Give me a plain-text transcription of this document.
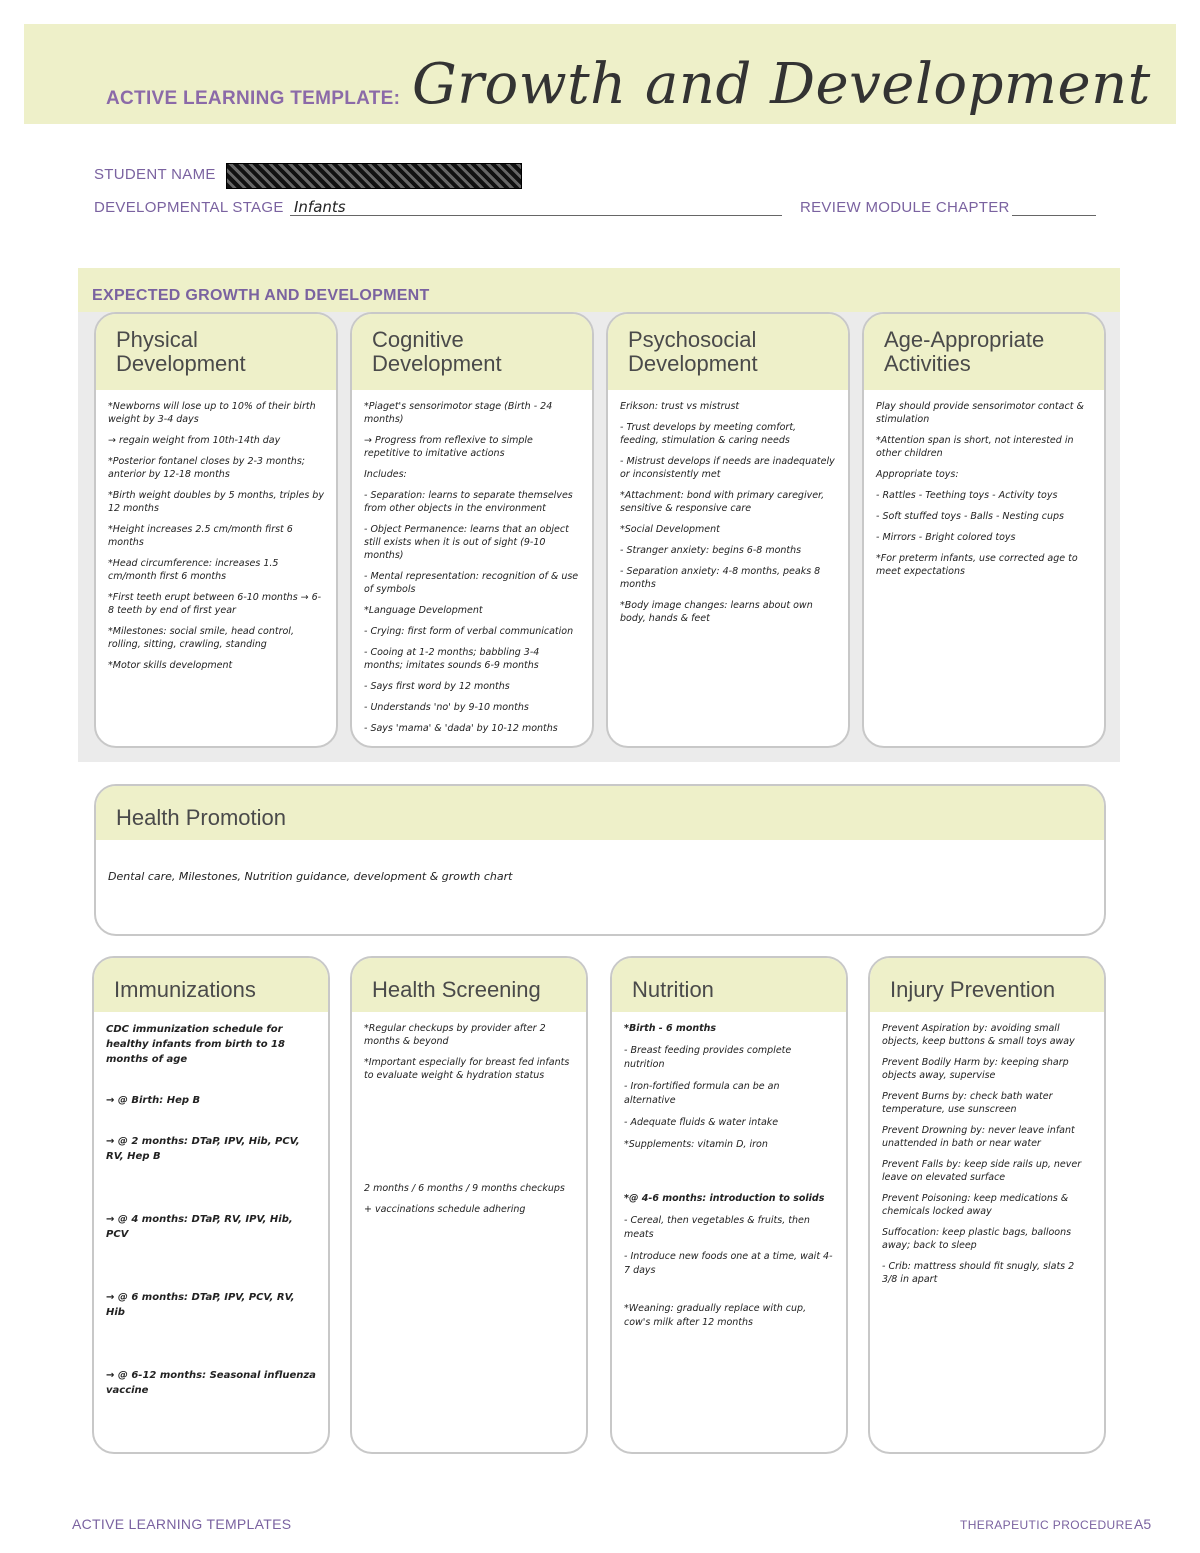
ACTIVE LEARNING TEMPLATE: Growth and Development
STUDENT NAME
DEVELOPMENTAL STAGE Infants	REVIEW MODULE CHAPTER
EXPECTED GROWTH AND DEVELOPMENT
Physical Development

*Newborns will lose up to 10% of their birth weight by 3-4 days

→ regain weight from 10th-14th day

*Posterior fontanel closes by 2-3 months; anterior by 12-18 months

*Birth weight doubles by 5 months, triples by 12 months

*Height increases 2.5 cm/month first 6 months

*Head circumference: increases 1.5 cm/month first 6 months

*First teeth erupt between 6-10 months → 6-8 teeth by end of first year

*Milestones: social smile, head control, rolling, sitting, crawling, standing

*Motor skills development

Cognitive Development

*Piaget's sensorimotor stage (Birth - 24 months)

→ Progress from reflexive to simple repetitive to imitative actions

Includes:

- Separation: learns to separate themselves from other objects in the environment

- Object Permanence: learns that an object still exists when it is out of sight (9-10 months)

- Mental representation: recognition of & use of symbols

*Language Development

- Crying: first form of verbal communication

- Cooing at 1-2 months; babbling 3-4 months; imitates sounds 6-9 months

- Says first word by 12 months

- Understands 'no' by 9-10 months

- Says 'mama' & 'dada' by 10-12 months

Psychosocial Development

Erikson: trust vs mistrust

- Trust develops by meeting comfort, feeding, stimulation & caring needs

- Mistrust develops if needs are inadequately or inconsistently met

*Attachment: bond with primary caregiver, sensitive & responsive care

*Social Development

- Stranger anxiety: begins 6-8 months

- Separation anxiety: 4-8 months, peaks 8 months

*Body image changes: learns about own body, hands & feet

Age-Appropriate Activities

Play should provide sensorimotor contact & stimulation

*Attention span is short, not interested in other children

Appropriate toys:

- Rattles - Teething toys - Activity toys

- Soft stuffed toys - Balls - Nesting cups

- Mirrors - Bright colored toys

*For preterm infants, use corrected age to meet expectations

Health Promotion

Dental care, Milestones, Nutrition guidance, development & growth chart

Immunizations

CDC immunization schedule for healthy infants from birth to 18 months of age

→ @ Birth: Hep B

→ @ 2 months: DTaP, IPV, Hib, PCV, RV, Hep B

→ @ 4 months: DTaP, RV, IPV, Hib, PCV

→ @ 6 months: DTaP, IPV, PCV, RV, Hib

→ @ 6-12 months: Seasonal influenza vaccine

Health Screening

*Regular checkups by provider after 2 months & beyond

*Important especially for breast fed infants to evaluate weight & hydration status

2 months / 6 months / 9 months checkups

+ vaccinations schedule adhering

Nutrition

*Birth - 6 months

- Breast feeding provides complete nutrition

- Iron-fortified formula can be an alternative

- Adequate fluids & water intake

*Supplements: vitamin D, iron

*@ 4-6 months: introduction to solids

- Cereal, then vegetables & fruits, then meats

- Introduce new foods one at a time, wait 4-7 days

*Weaning: gradually replace with cup, cow's milk after 12 months

Injury Prevention

Prevent Aspiration by: avoiding small objects, keep buttons & small toys away

Prevent Bodily Harm by: keeping sharp objects away, supervise

Prevent Burns by: check bath water temperature, use sunscreen

Prevent Drowning by: never leave infant unattended in bath or near water

Prevent Falls by: keep side rails up, never leave on elevated surface

Prevent Poisoning: keep medications & chemicals locked away

Suffocation: keep plastic bags, balloons away; back to sleep

- Crib: mattress should fit snugly, slats 2 3/8 in apart

ACTIVE LEARNING TEMPLATES	THERAPEUTIC PROCEDURE A5
